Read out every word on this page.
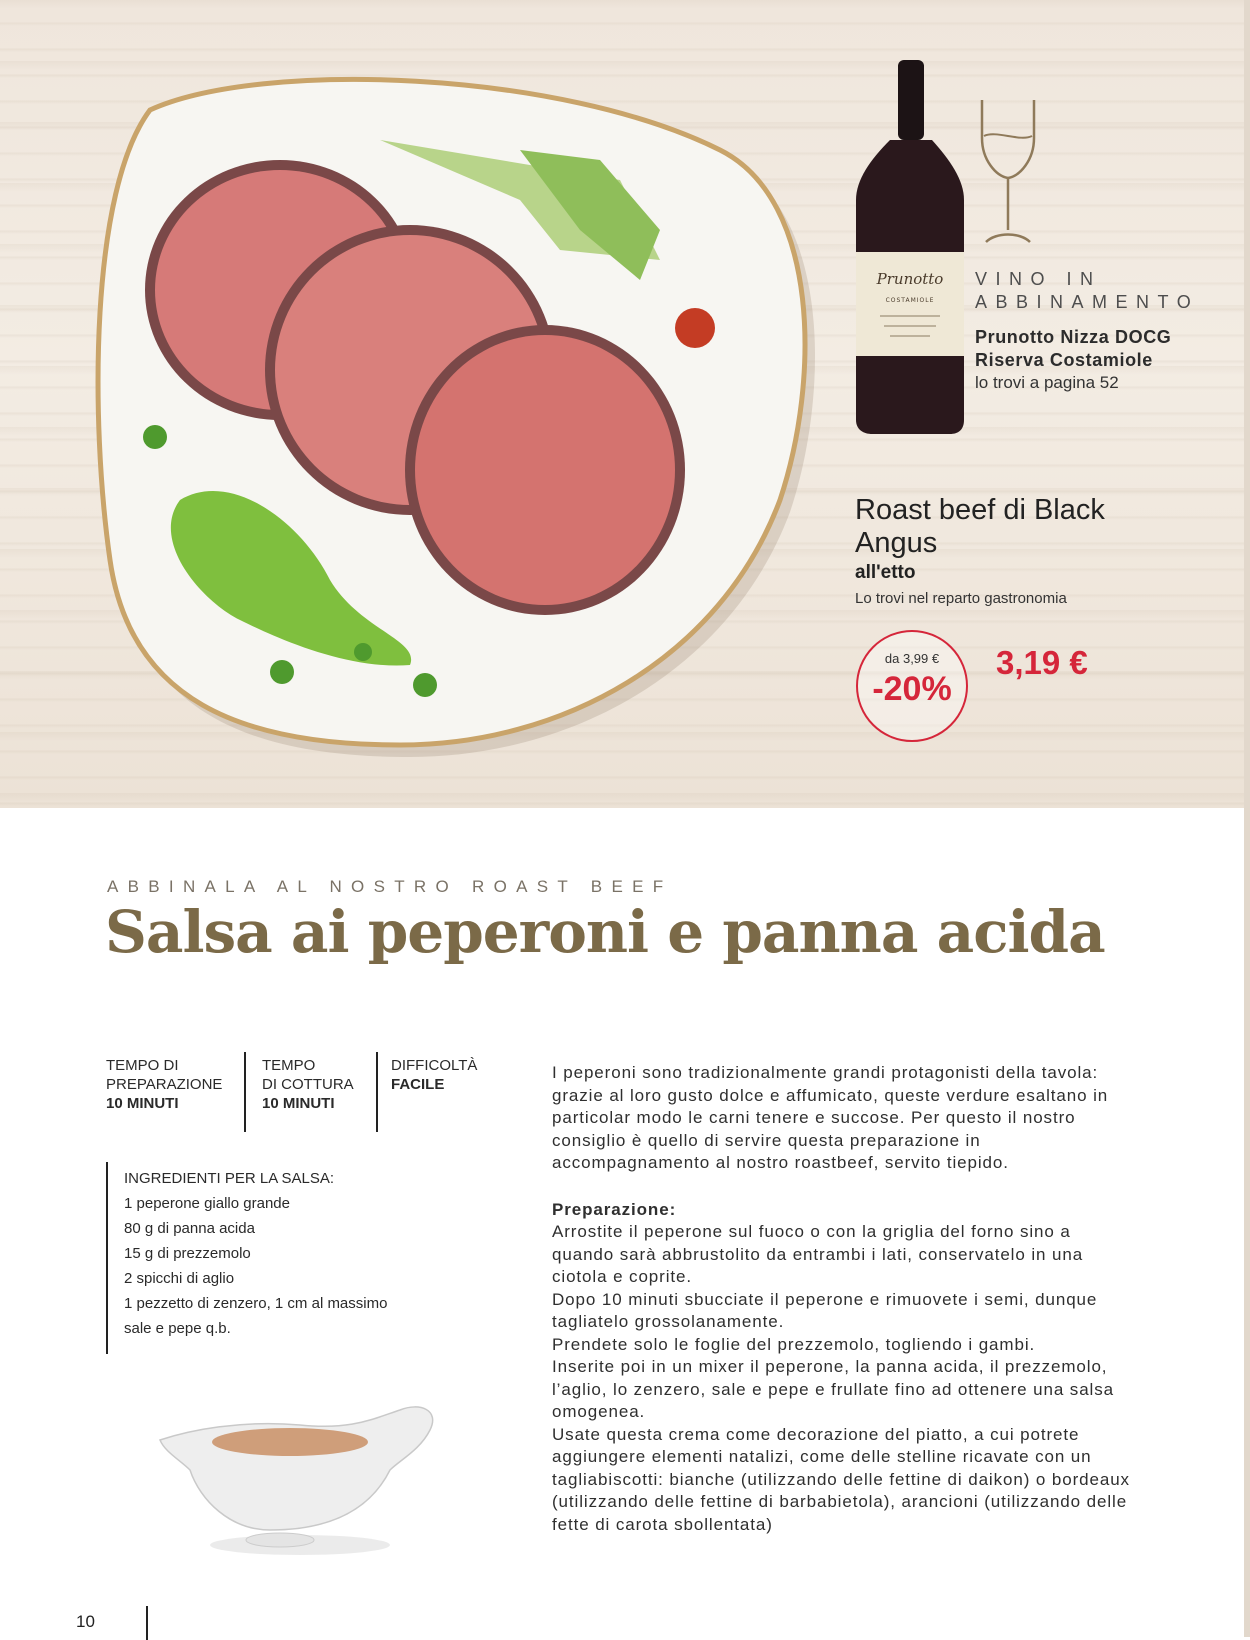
Prunotto
COSTAMIOLE
VINO IN ABBINAMENTO
Prunotto Nizza DOCG Riserva Costamiole
lo trovi a pagina 52
Roast beef di Black Angus
all'etto
Lo trovi nel reparto gastronomia
da 3,99 €
-20%
3,19 €
ABBINALA AL NOSTRO ROAST BEEF
Salsa ai peperoni e panna acida
TEMPO DI
PREPARAZIONE
10 MINUTI
TEMPO
DI COTTURA
10 MINUTI
DIFFICOLTÀ
FACILE
INGREDIENTI PER LA SALSA:
1 peperone giallo grande
80 g di panna acida
15 g di prezzemolo
2 spicchi di aglio
1 pezzetto di zenzero, 1 cm al massimo
sale e pepe q.b.

I peperoni sono tradizionalmente grandi protagonisti della tavola: grazie al loro gusto dolce e affumicato, queste verdure esaltano in particolar modo le carni tenere e succose. Per questo il nostro consiglio è quello di servire questa preparazione in accompagnamento al nostro roastbeef, servito tiepido.

Preparazione:

Arrostite il peperone sul fuoco o con la griglia del forno sino a quando sarà abbrustolito da entrambi i lati, conservatelo in una ciotola e coprite.

Dopo 10 minuti sbucciate il peperone e rimuovete i semi, dunque tagliatelo grossolanamente.

Prendete solo le foglie del prezzemolo, togliendo i gambi.

Inserite poi in un mixer il peperone, la panna acida, il prezzemolo, l’aglio, lo zenzero, sale e pepe e frullate fino ad ottenere una salsa omogenea.

Usate questa crema come decorazione del piatto, a cui potrete aggiungere elementi natalizi, come delle stelline ricavate con un tagliabiscotti: bianche (utilizzando delle fettine di daikon) o bordeaux (utilizzando delle fettine di barbabietola), arancioni (utilizzando delle fette di carota sbollentata)

10
